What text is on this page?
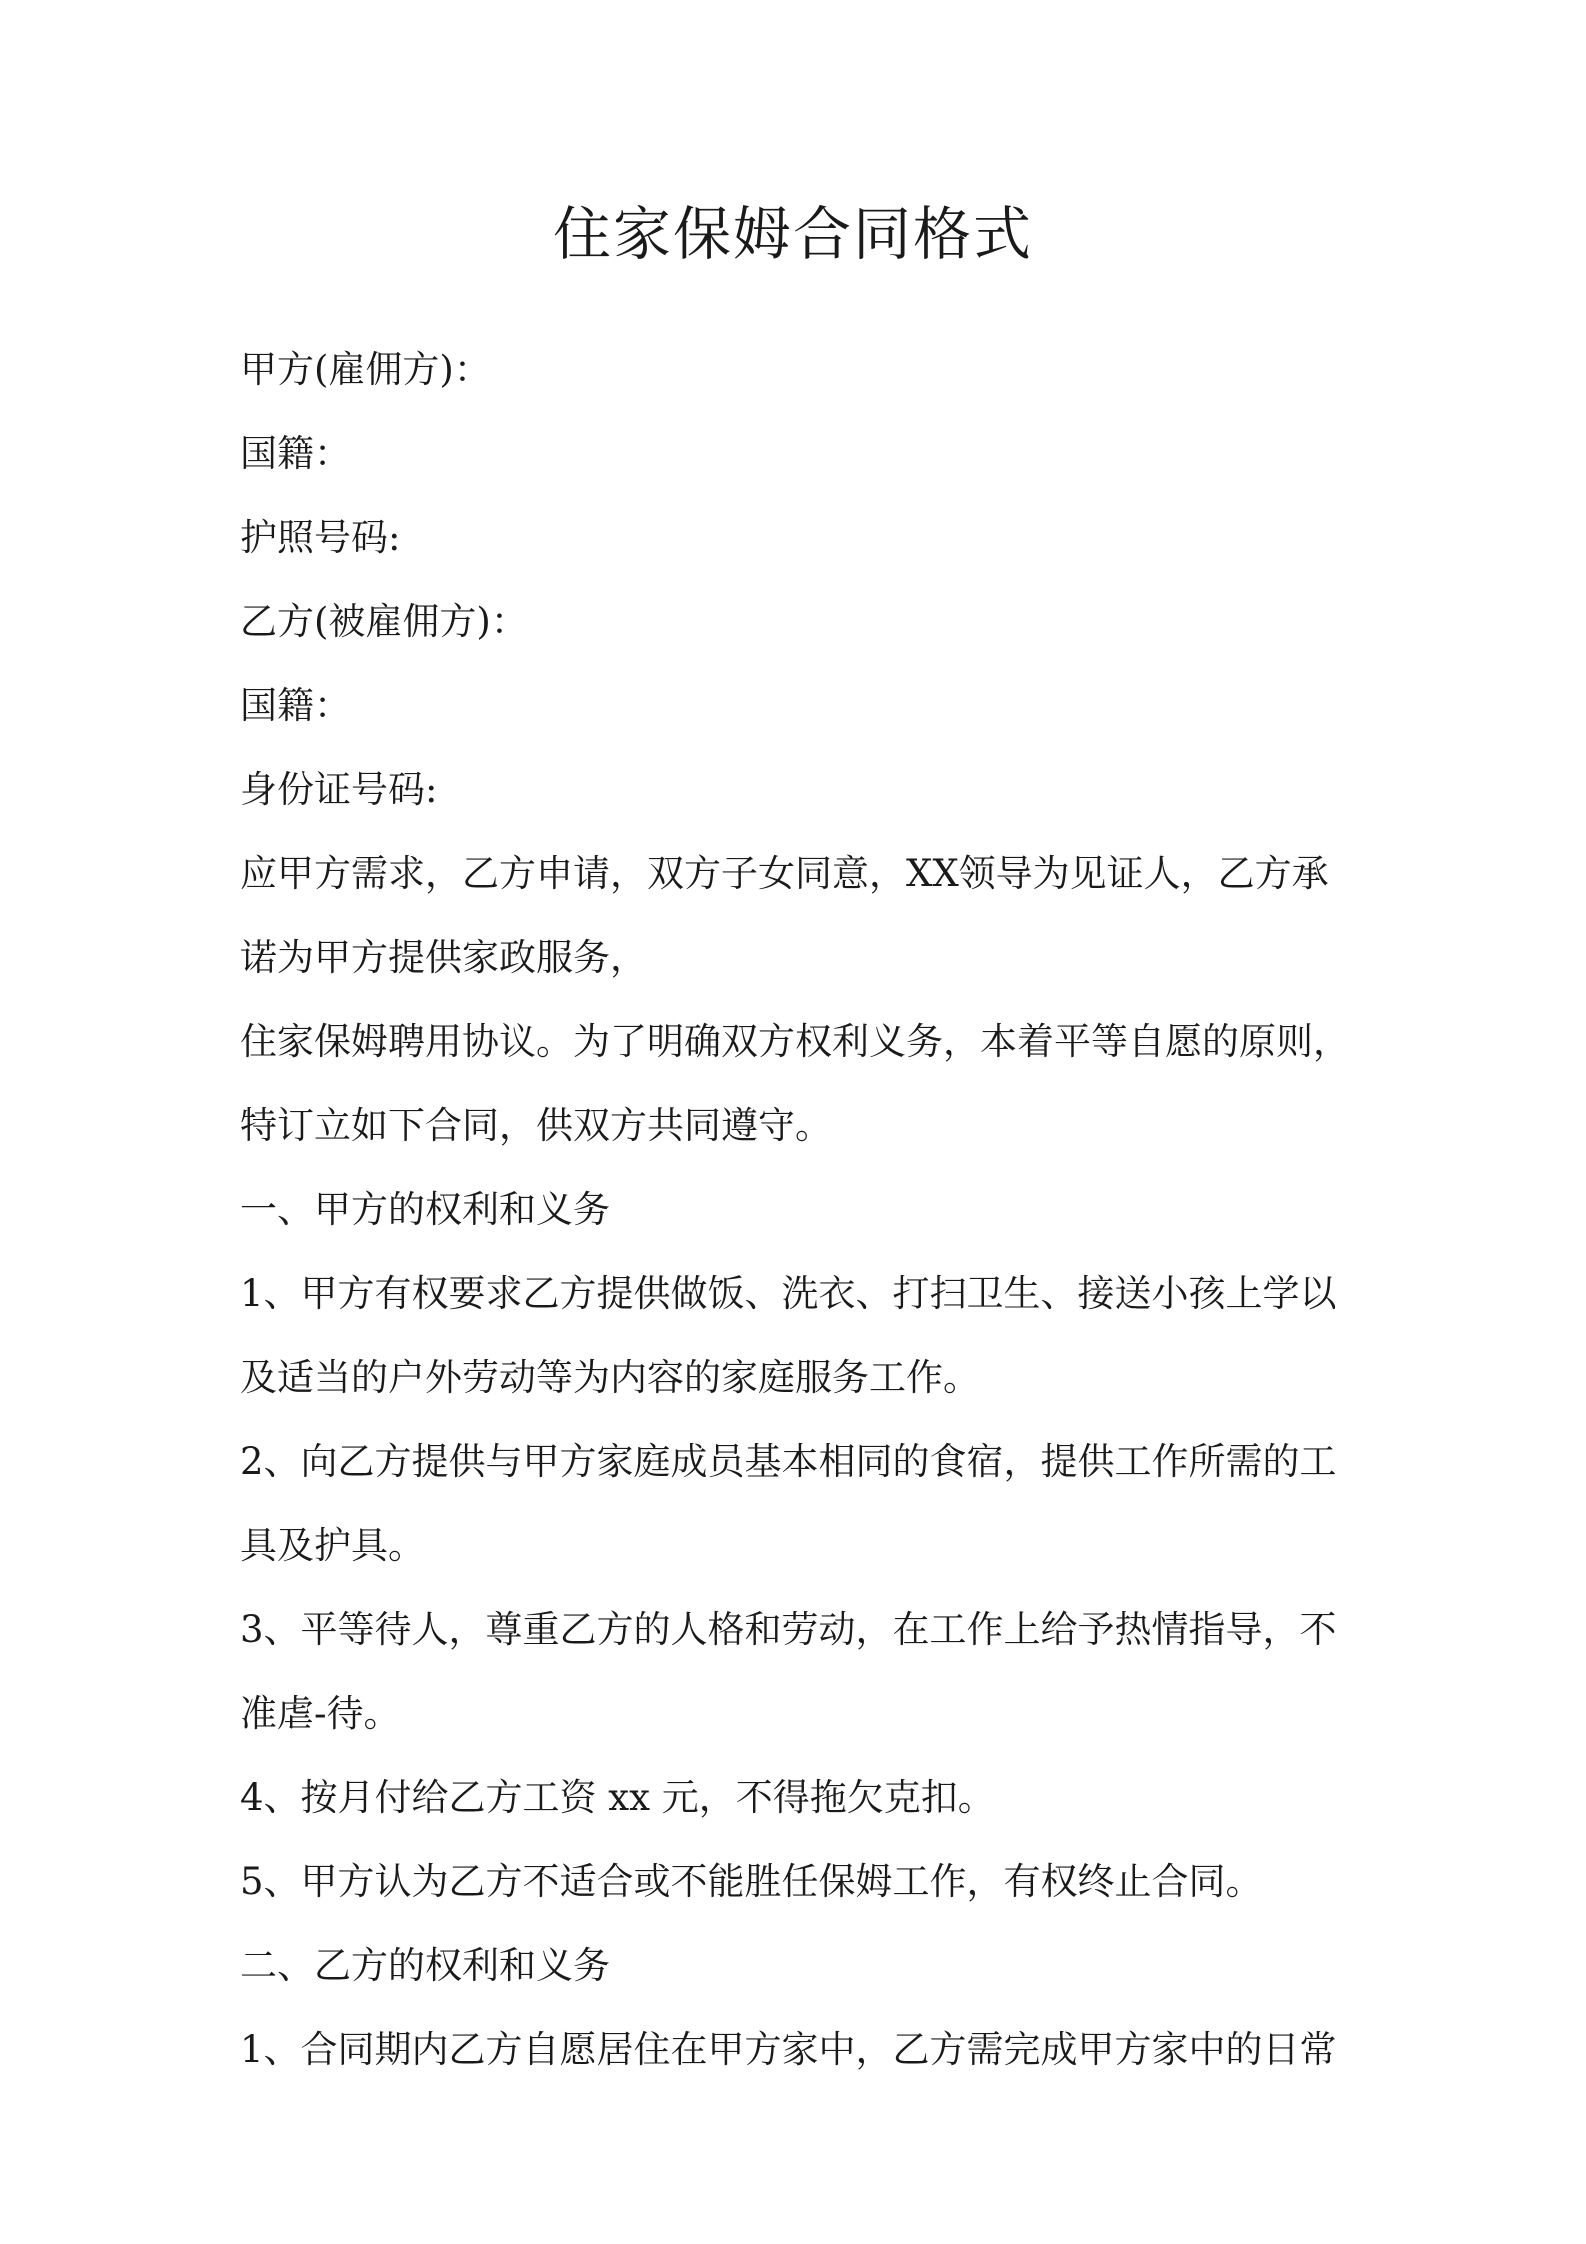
住家保姆合同格式

甲方(雇佣方)：

国籍：

护照号码:

乙方(被雇佣方)：

国籍：

身份证号码:

应甲方需求，乙方申请，双方子女同意，XX领导为见证人，乙方承

诺为甲方提供家政服务，

住家保姆聘用协议。为了明确双方权利义务，本着平等自愿的原则，

特订立如下合同，供双方共同遵守。

一、甲方的权利和义务

1、甲方有权要求乙方提供做饭、洗衣、打扫卫生、接送小孩上学以

及适当的户外劳动等为内容的家庭服务工作。

2、向乙方提供与甲方家庭成员基本相同的食宿，提供工作所需的工

具及护具。

3、平等待人，尊重乙方的人格和劳动，在工作上给予热情指导，不

准虐-待。

4、按月付给乙方工资 xx 元，不得拖欠克扣。

5、甲方认为乙方不适合或不能胜任保姆工作，有权终止合同。

二、乙方的权利和义务

1、合同期内乙方自愿居住在甲方家中，乙方需完成甲方家中的日常
